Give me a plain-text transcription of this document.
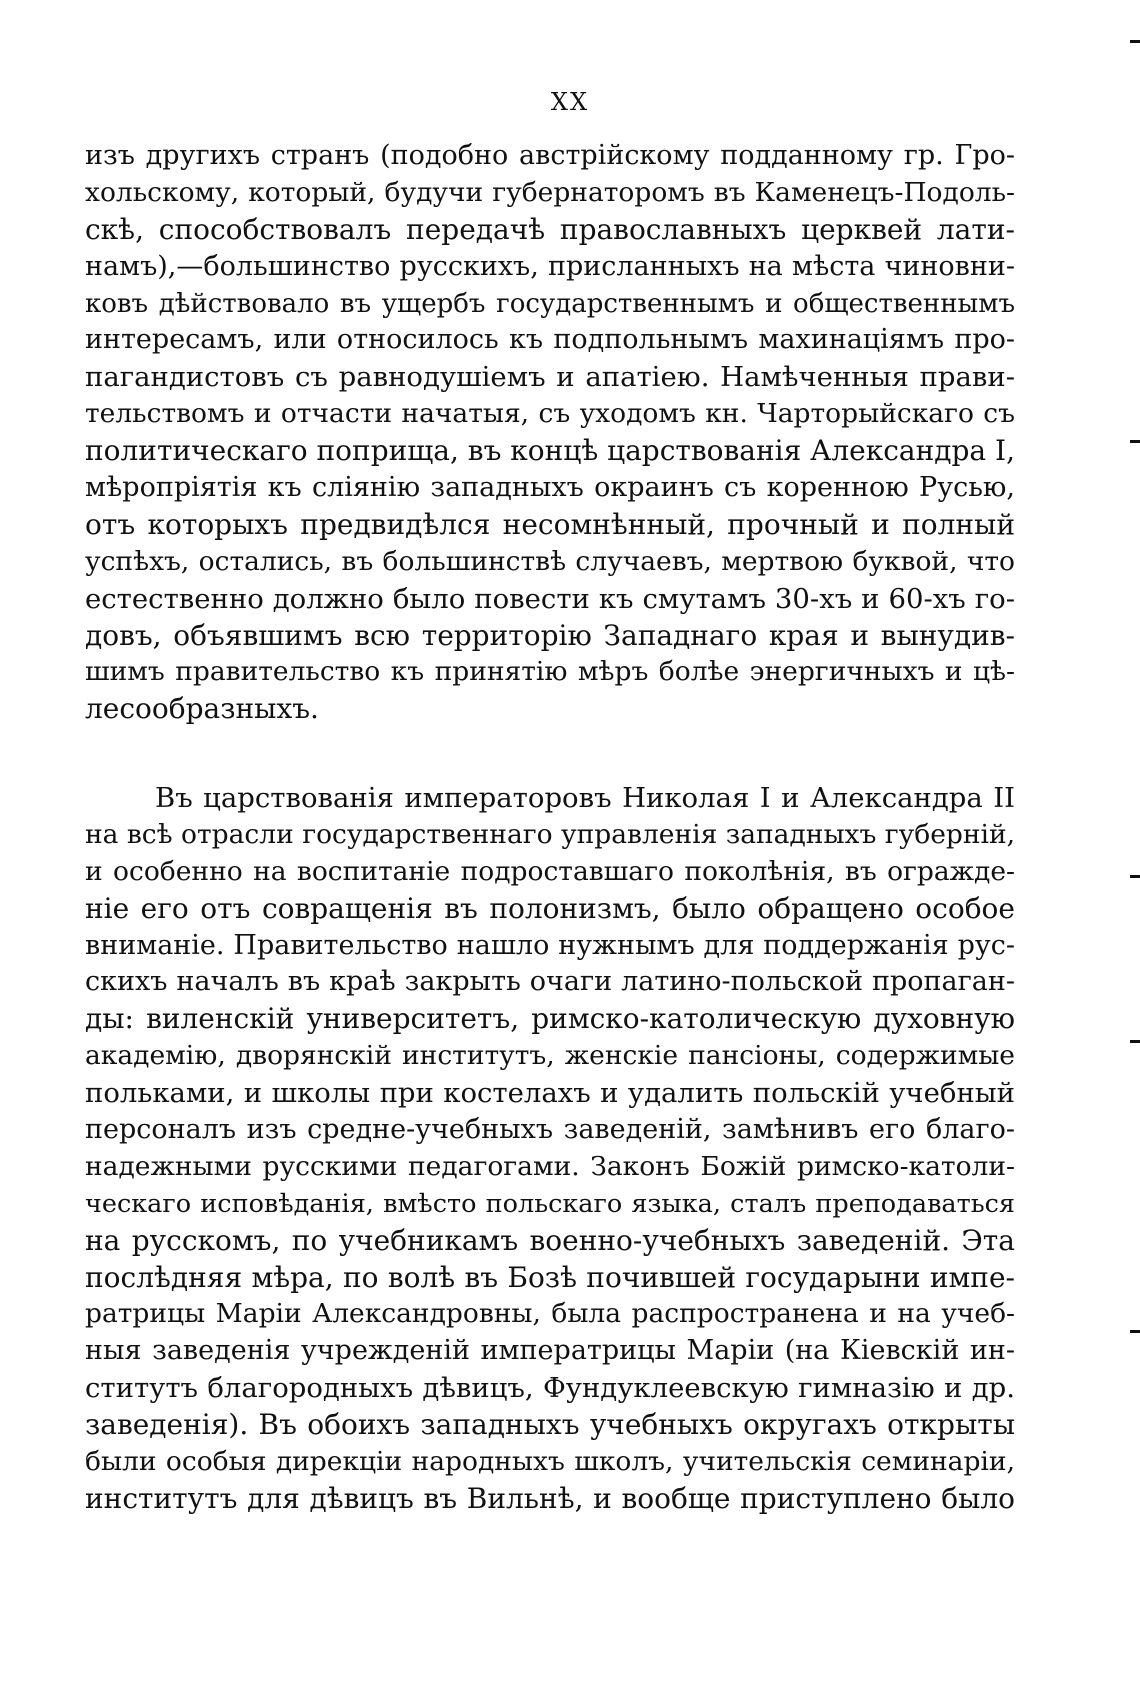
XX
изъ другихъ странъ (подобно австрійскому подданному гр. Гро-
хольскому, который, будучи губернаторомъ въ Каменецъ-Подоль-
скѣ, способствовалъ передачѣ православныхъ церквей лати-
намъ),—большинство русскихъ, присланныхъ на мѣста чиновни-
ковъ дѣйствовало въ ущербъ государственнымъ и общественнымъ
интересамъ, или относилось къ подпольнымъ махинаціямъ про-
пагандистовъ съ равнодушіемъ и апатіею. Намѣченныя прави-
тельствомъ и отчасти начатыя, съ уходомъ кн. Чарторыйскаго съ
политическаго поприща, въ концѣ царствованія Александра I,
мѣропріятія къ сліянію западныхъ окраинъ съ коренною Русью,
отъ которыхъ предвидѣлся несомнѣнный, прочный и полный
успѣхъ, остались, въ большинствѣ случаевъ, мертвою буквой, что
естественно должно было повести къ смутамъ 30-хъ и 60-хъ го-
довъ, объявшимъ всю территорію Западнаго края и вынудив-
шимъ правительство къ принятію мѣръ болѣе энергичныхъ и цѣ-
лесообразныхъ.
Въ царствованія императоровъ Николая I и Александра II
на всѣ отрасли государственнаго управленія западныхъ губерній,
и особенно на воспитаніе подроставшаго поколѣнія, въ огражде-
ніе его отъ совращенія въ полонизмъ, было обращено особое
вниманіе. Правительство нашло нужнымъ для поддержанія рус-
скихъ началъ въ краѣ закрыть очаги латино-польской пропаган-
ды: виленскій университетъ, римско-католическую духовную
академію, дворянскій институтъ, женскіе пансіоны, содержимые
польками, и школы при костелахъ и удалить польскій учебный
персоналъ изъ средне-учебныхъ заведеній, замѣнивъ его благо-
надежными русскими педагогами. Законъ Божій римско-католи-
ческаго исповѣданія, вмѣсто польскаго языка, сталъ преподаваться
на русскомъ, по учебникамъ военно-учебныхъ заведеній. Эта
послѣдняя мѣра, по волѣ въ Бозѣ почившей государыни импе-
ратрицы Маріи Александровны, была распространена и на учеб-
ныя заведенія учрежденій императрицы Маріи (на Кіевскій ин-
ститутъ благородныхъ дѣвицъ, Фундуклеевскую гимназію и др.
заведенія). Въ обоихъ западныхъ учебныхъ округахъ открыты
были особыя дирекціи народныхъ школъ, учительскія семинаріи,
институтъ для дѣвицъ въ Вильнѣ, и вообще приступлено было
